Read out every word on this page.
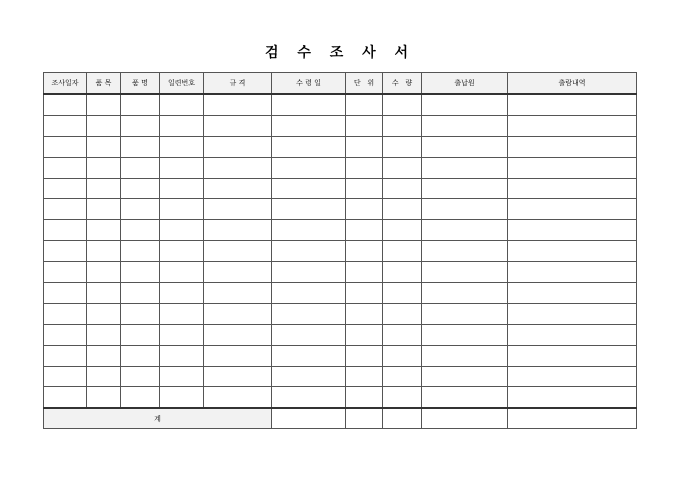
검 수 조 사 서
조사일자	품 목	품 명	일련번호	규 격	수 령 일	단   위	수   량	출납원	출람내역

계									
